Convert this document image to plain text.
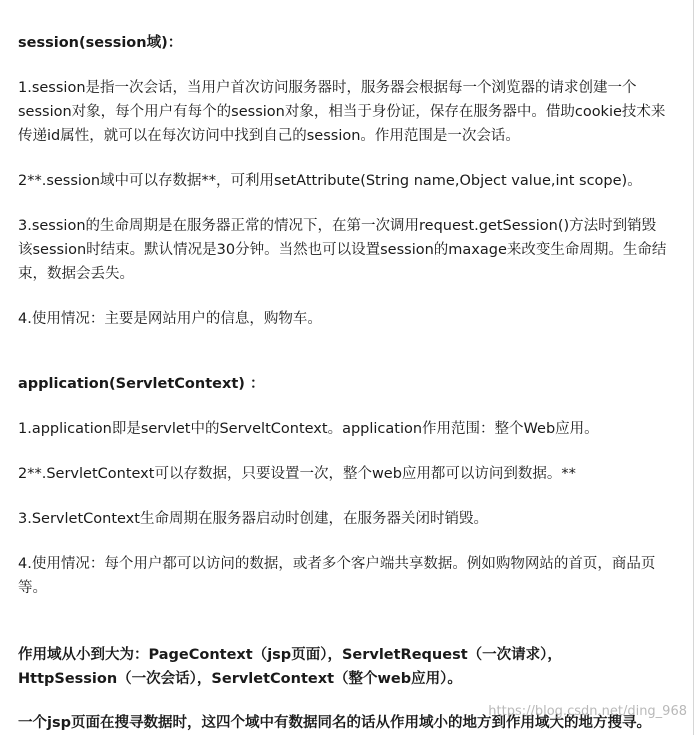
session(session域)：

1.session是指一次会话，当用户首次访问服务器时，服务器会根据每一个浏览器的请求创建一个session对象，每个用户有每个的session对象，相当于身份证，保存在服务器中。借助cookie技术来传递id属性，就可以在每次访问中找到自己的session。作用范围是一次会话。

2**.session域中可以存数据**，可利用setAttribute(String name,Object value,int scope)。

3.session的生命周期是在服务器正常的情况下，在第一次调用request.getSession()方法时到销毁该session时结束。默认情况是30分钟。当然也可以设置session的maxage来改变生命周期。生命结束，数据会丢失。

4.使用情况：主要是网站用户的信息，购物车。

application(ServletContext) ：

1.application即是servlet中的ServeltContext。application作用范围：整个Web应用。

2**.ServletContext可以存数据，只要设置一次，整个web应用都可以访问到数据。**

3.ServletContext生命周期在服务器启动时创建，在服务器关闭时销毁。

4.使用情况：每个用户都可以访问的数据，或者多个客户端共享数据。例如购物网站的首页，商品页等。

作用域从小到大为：PageContext（jsp页面），ServletRequest（一次请求），HttpSession（一次会话），ServletContext（整个web应用）。

一个jsp页面在搜寻数据时，这四个域中有数据同名的话从作用域小的地方到作用域大的地方搜寻。

https://blog.csdn.net/ding_968
